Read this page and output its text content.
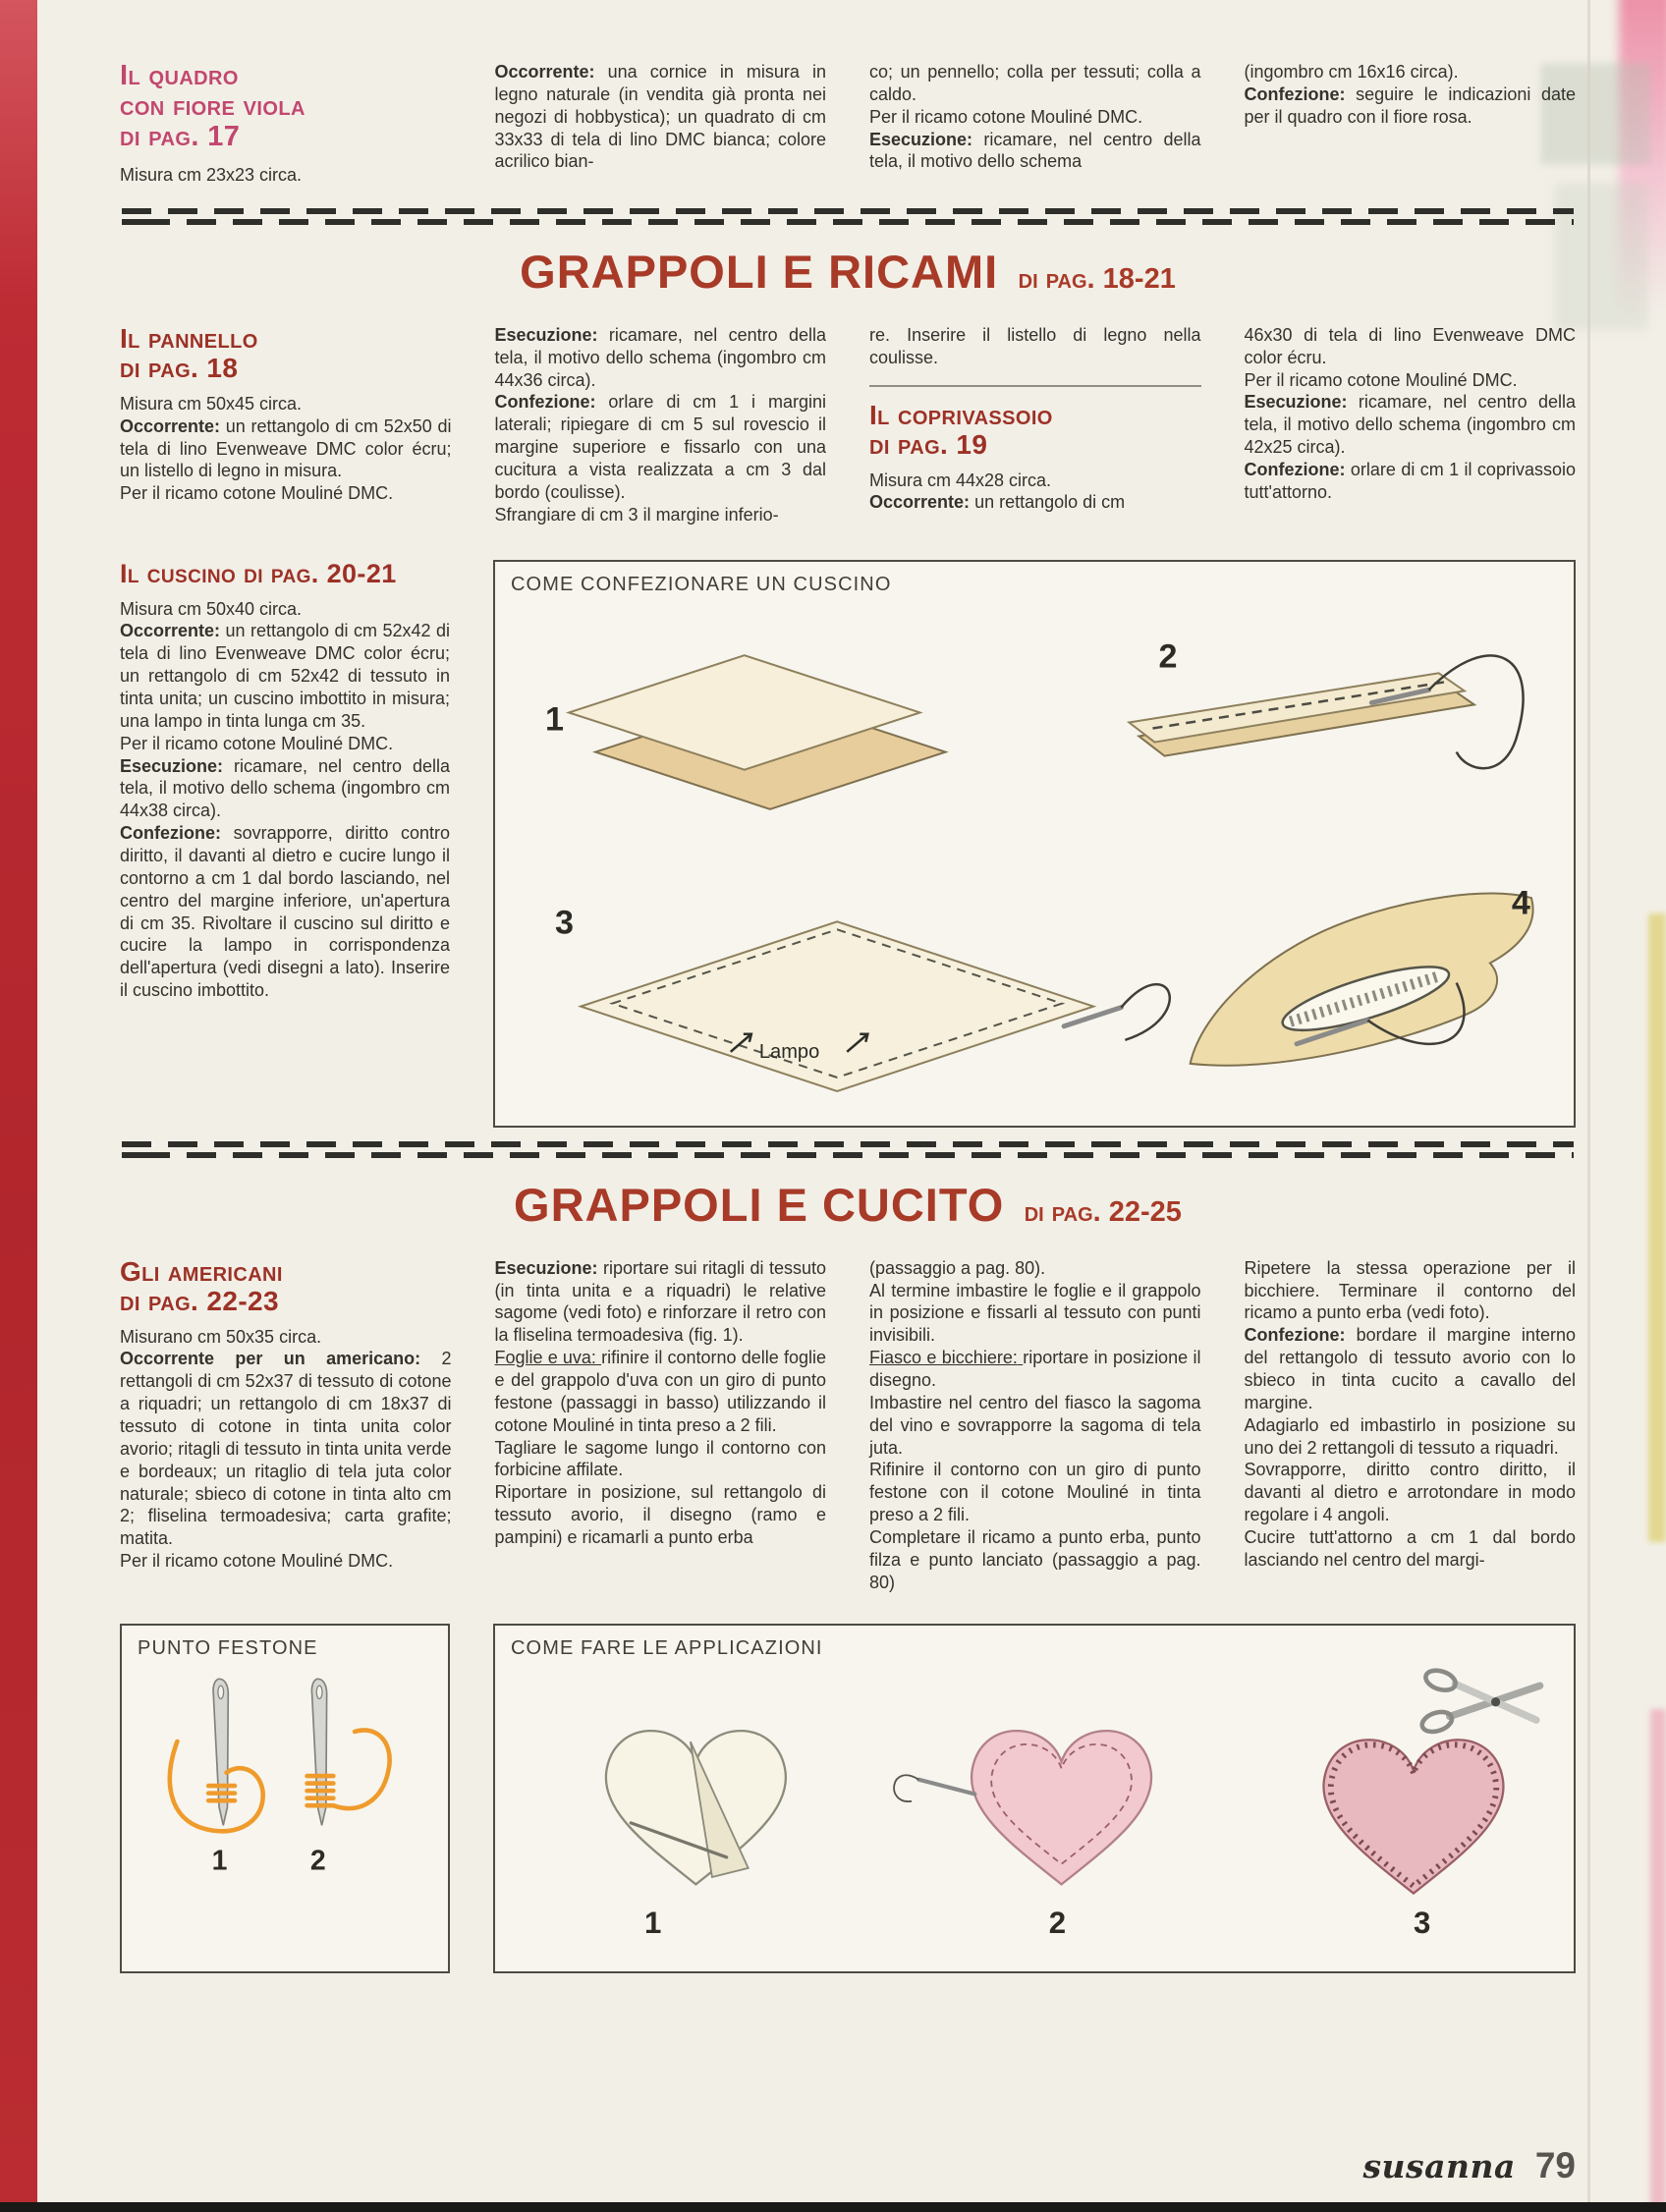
Il quadro
con fiore viola
di pag. 17

Misura cm 23x23 circa.

Occorrente: una cornice in misura in legno naturale (in vendita già pronta nei negozi di hobbystica); un quadrato di cm 33x33 di tela di lino DMC bianca; colore acrilico bian-

co; un pennello; colla per tessuti; colla a caldo.

Per il ricamo cotone Mouliné DMC.

Esecuzione: ricamare, nel centro della tela, il motivo dello schema

(ingombro cm 16x16 circa).

Confezione: seguire le indicazioni date per il quadro con il fiore rosa.

GRAPPOLI E RICAMI di pag. 18-21
Il pannello
di pag. 18

Misura cm 50x45 circa.

Occorrente: un rettangolo di cm 52x50 di tela di lino Evenweave DMC color écru; un listello di legno in misura.

Per il ricamo cotone Mouliné DMC.

Esecuzione: ricamare, nel centro della tela, il motivo dello schema (ingombro cm 44x36 circa).

Confezione: orlare di cm 1 i margini laterali; ripiegare di cm 5 sul rovescio il margine superiore e fissarlo con una cucitura a vista realizzata a cm 3 dal bordo (coulisse).

Sfrangiare di cm 3 il margine inferio-

re. Inserire il listello di legno nella coulisse.

Il coprivassoio
di pag. 19

Misura cm 44x28 circa.

Occorrente: un rettangolo di cm

46x30 di tela di lino Evenweave DMC color écru.

Per il ricamo cotone Mouliné DMC.

Esecuzione: ricamare, nel centro della tela, il motivo dello schema (ingombro cm 42x25 circa).

Confezione: orlare di cm 1 il coprivassoio tutt'attorno.

Il cuscino di pag. 20-21

Misura cm 50x40 circa.

Occorrente: un rettangolo di cm 52x42 di tela di lino Evenweave DMC color écru; un rettangolo di cm 52x42 di tessuto in tinta unita; un cuscino imbottito in misura; una lampo in tinta lunga cm 35.

Per il ricamo cotone Mouliné DMC.

Esecuzione: ricamare, nel centro della tela, il motivo dello schema (ingombro cm 44x38 circa).

Confezione: sovrapporre, diritto contro diritto, il davanti al dietro e cucire lungo il contorno a cm 1 dal bordo lasciando, nel centro del margine inferiore, un'apertura di cm 35. Rivoltare il cuscino sul diritto e cucire la lampo in corrispondenza dell'apertura (vedi disegni a lato). Inserire il cuscino imbottito.

COME CONFEZIONARE UN CUSCINO
1
2
Lampo
3
4
GRAPPOLI E CUCITO di pag. 22-25
Gli americani
di pag. 22-23

Misurano cm 50x35 circa.

Occorrente per un americano: 2 rettangoli di cm 52x37 di tessuto di cotone a riquadri; un rettangolo di cm 18x37 di tessuto di cotone in tinta unita color avorio; ritagli di tessuto in tinta unita verde e bordeaux; un ritaglio di tela juta color naturale; sbieco di cotone in tinta alto cm 2; fliselina termoadesiva; carta grafite; matita.

Per il ricamo cotone Mouliné DMC.

Esecuzione: riportare sui ritagli di tessuto (in tinta unita e a riquadri) le relative sagome (vedi foto) e rinforzare il retro con la fliselina termoadesiva (fig. 1).

Foglie e uva: rifinire il contorno delle foglie e del grappolo d'uva con un giro di punto festone (passaggi in basso) utilizzando il cotone Mouliné in tinta preso a 2 fili.

Tagliare le sagome lungo il contorno con forbicine affilate.

Riportare in posizione, sul rettangolo di tessuto avorio, il disegno (ramo e pampini) e ricamarli a punto erba

(passaggio a pag. 80).

Al termine imbastire le foglie e il grappolo in posizione e fissarli al tessuto con punti invisibili.

Fiasco e bicchiere: riportare in posizione il disegno.

Imbastire nel centro del fiasco la sagoma del vino e sovrapporre la sagoma di tela juta.

Rifinire il contorno con un giro di punto festone con il cotone Mouliné in tinta preso a 2 fili.

Completare il ricamo a punto erba, punto filza e punto lanciato (passaggio a pag. 80)

Ripetere la stessa operazione per il bicchiere. Terminare il contorno del ricamo a punto erba (vedi foto).

Confezione: bordare il margine interno del rettangolo di tessuto avorio con lo sbieco in tinta cucito a cavallo del margine.

Adagiarlo ed imbastirlo in posizione su uno dei 2 rettangoli di tessuto a riquadri.

Sovrapporre, diritto contro diritto, il davanti al dietro e arrotondare in modo regolare i 4 angoli.

Cucire tutt'attorno a cm 1 dal bordo lasciando nel centro del margi-

PUNTO FESTONE
1 2
COME FARE LE APPLICAZIONI
1	2	3
susanna 79
